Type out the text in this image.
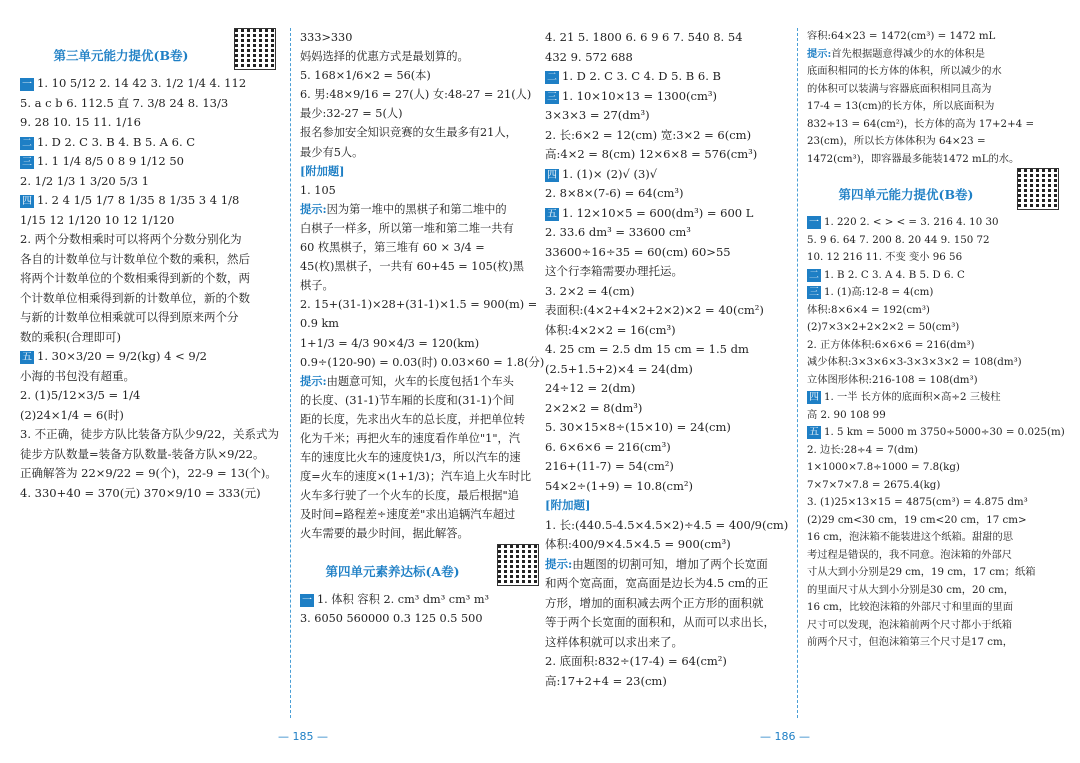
第三单元能力提优(B卷)

一 1. 10 5/12 2. 14 42 3. 1/2 1/4 4. 112

5. a c b 6. 112.5 直 7. 3/8 24 8. 13/3

9. 28 10. 15 11. 1/16

二 1. D 2. C 3. B 4. B 5. A 6. C

三 1. 1 1/4 8/5 0 8 9 1/12 50

2. 1/2 1/3 1 3/20 5/3 1

四 1. 2 4 1/5 1/7 8 1/35 8 1/35 3 4 1/8

1/15 12 1/120 10 12 1/120

2. 两个分数相乘时可以将两个分数分别化为

各自的计数单位与计数单位个数的乘积，然后

将两个计数单位的个数相乘得到新的个数，两

个计数单位相乘得到新的计数单位，新的个数

与新的计数单位相乘就可以得到原来两个分

数的乘积(合理即可)

五 1. 30×3/20 = 9/2(kg) 4 < 9/2

小海的书包没有超重。

2. (1)5/12×3/5 = 1/4

(2)24×1/4 = 6(时)

3. 不正确，徒步方队比装备方队少9/22，关系式为

徒步方队数量=装备方队数量-装备方队×9/22。

正确解答为 22×9/22 = 9(个)，22-9 = 13(个)。

4. 330+40 = 370(元) 370×9/10 = 333(元)

333>330

妈妈选择的优惠方式是最划算的。

5. 168×1/6×2 = 56(本)

6. 男:48×9/16 = 27(人) 女:48-27 = 21(人)

最少:32-27 = 5(人)

报名参加安全知识竞赛的女生最多有21人，

最少有5人。

[附加题]

1. 105

提示:因为第一堆中的黑棋子和第二堆中的

白棋子一样多，所以第一堆和第二堆一共有

60 枚黑棋子，第三堆有 60 × 3/4 =

45(枚)黑棋子，一共有 60+45 = 105(枚)黑

棋子。

2. 15+(31-1)×28+(31-1)×1.5 = 900(m) =

0.9 km

1+1/3 = 4/3 90×4/3 = 120(km)

0.9÷(120-90) = 0.03(时) 0.03×60 = 1.8(分)

提示:由题意可知，火车的长度包括1个车头

的长度、(31-1)节车厢的长度和(31-1)个间

距的长度，先求出火车的总长度，并把单位转

化为千米；再把火车的速度看作单位"1"，汽

车的速度比火车的速度快1/3，所以汽车的速

度=火车的速度×(1+1/3)；汽车追上火车时比

火车多行驶了一个火车的长度，最后根据"追

及时间=路程差÷速度差"求出追辆汽车超过

火车需要的最少时间，据此解答。

第四单元素养达标(A卷)

一 1. 体积 容积 2. cm³ dm³ cm³ m³

3. 6050 560000 0.3 125 0.5 500

— 185 —

4. 21 5. 1800 6. 6 9 6 7. 540 8. 54

432 9. 572 688

二 1. D 2. C 3. C 4. D 5. B 6. B

三 1. 10×10×13 = 1300(cm³)

3×3×3 = 27(dm³)

2. 长:6×2 = 12(cm) 宽:3×2 = 6(cm)

高:4×2 = 8(cm) 12×6×8 = 576(cm³)

四 1. (1)× (2)√ (3)√

2. 8×8×(7-6) = 64(cm³)

五 1. 12×10×5 = 600(dm³) = 600 L

2. 33.6 dm³ = 33600 cm³

33600÷16÷35 = 60(cm) 60>55

这个行李箱需要办理托运。

3. 2×2 = 4(cm)

表面积:(4×2+4×2+2×2)×2 = 40(cm²)

体积:4×2×2 = 16(cm³)

4. 25 cm = 2.5 dm 15 cm = 1.5 dm

(2.5+1.5+2)×4 = 24(dm)

24÷12 = 2(dm)

2×2×2 = 8(dm³)

5. 30×15×8÷(15×10) = 24(cm)

6. 6×6×6 = 216(cm³)

216+(11-7) = 54(cm²)

54×2÷(1+9) = 10.8(cm²)

[附加题]

1. 长:(440.5-4.5×4.5×2)÷4.5 = 400/9(cm)

体积:400/9×4.5×4.5 = 900(cm³)

提示:由题图的切割可知，增加了两个长宽面

和两个宽高面，宽高面是边长为4.5 cm的正

方形，增加的面积减去两个正方形的面积就

等于两个长宽面的面积和，从而可以求出长，

这样体积就可以求出来了。

2. 底面积:832÷(17-4) = 64(cm²)

高:17+2+4 = 23(cm)

容积:64×23 = 1472(cm³) = 1472 mL

提示:首先根据题意得减少的水的体积是

底面积相同的长方体的体积，所以减少的水

的体积可以装满与容器底面积相同且高为

17-4 = 13(cm)的长方体，所以底面积为

832÷13 = 64(cm²)，长方体的高为 17+2+4 =

23(cm)，所以长方体体积为 64×23 =

1472(cm³)，即容器最多能装1472 mL的水。

第四单元能力提优(B卷)

一 1. 220 2. < > < = 3. 216 4. 10 30

5. 9 6. 64 7. 200 8. 20 44 9. 150 72

10. 12 216 11. 不变 变小 96 56

二 1. B 2. C 3. A 4. B 5. D 6. C

三 1. (1)高:12-8 = 4(cm)

体积:8×6×4 = 192(cm³)

(2)7×3×2+2×2×2 = 50(cm³)

2. 正方体体积:6×6×6 = 216(dm³)

减少体积:3×3×6×3-3×3×3×2 = 108(dm³)

立体图形体积:216-108 = 108(dm³)

四 1. 一半 长方体的底面积×高÷2 三棱柱

高 2. 90 108 99

五 1. 5 km = 5000 m 3750÷5000÷30 = 0.025(m)

2. 边长:28÷4 = 7(dm)

1×1000×7.8÷1000 = 7.8(kg)

7×7×7×7.8 = 2675.4(kg)

3. (1)25×13×15 = 4875(cm³) = 4.875 dm³

(2)29 cm<30 cm，19 cm<20 cm，17 cm>

16 cm，泡沫箱不能装进这个纸箱。甜甜的思

考过程是错误的，我不同意。泡沫箱的外部尺

寸从大到小分别是29 cm，19 cm，17 cm；纸箱

的里面尺寸从大到小分别是30 cm，20 cm，

16 cm，比较泡沫箱的外部尺寸和里面的里面

尺寸可以发现，泡沫箱前两个尺寸都小于纸箱

前两个尺寸，但泡沫箱第三个尺寸是17 cm，

— 186 —
